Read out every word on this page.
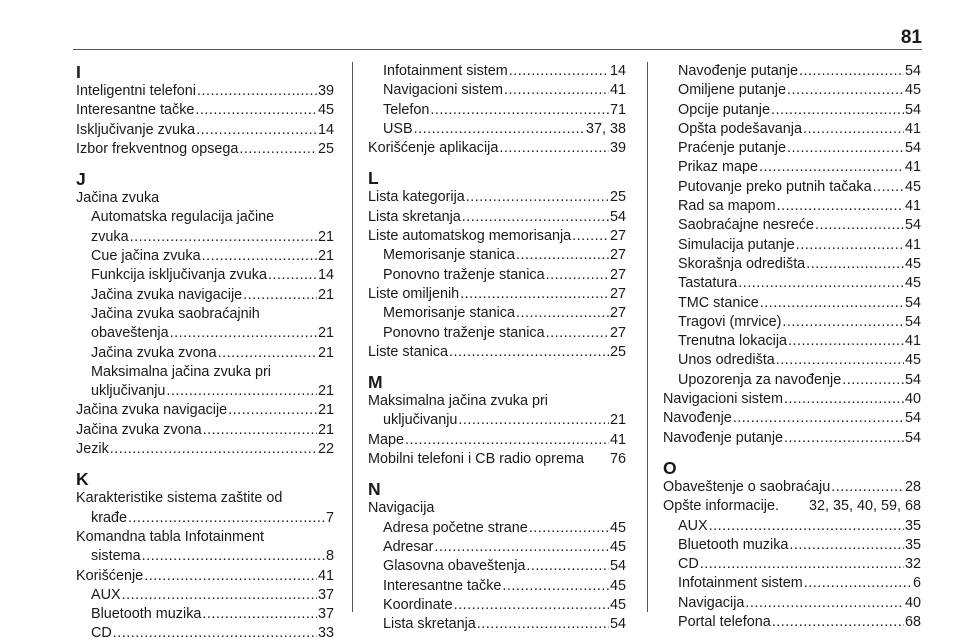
81
I
Inteligentni telefoni .....	39
Interesantne tačke .....	45
Isključivanje zvuka .....	14
Izbor frekventnog opsega .....	25
J
Jačina zvuka
Automatska regulacija jačine
zvuka .....	21
Cue jačina zvuka .....	21
Funkcija isključivanja zvuka .....	14
Jačina zvuka navigacije .....	21
Jačina zvuka saobraćajnih
obaveštenja .....	21
Jačina zvuka zvona .....	21
Maksimalna jačina zvuka pri
uključivanju .....	21
Jačina zvuka navigacije .....	21
Jačina zvuka zvona .....	21
Jezik .....	22
K
Karakteristike sistema zaštite od
krađe .....	7
Komandna tabla Infotainment
sistema .....	8
Korišćenje .....	41
AUX .....	37
Bluetooth muzika .....	37
CD .....	33
Infotainment sistem .....	14
Navigacioni sistem .....	41
Telefon .....	71
USB .....	37, 38
Korišćenje aplikacija .....	39
L
Lista kategorija .....	25
Lista skretanja .....	54
Liste automatskog memorisanja .....	27
Memorisanje stanica .....	27
Ponovno traženje stanica .....	27
Liste omiljenih .....	27
Memorisanje stanica .....	27
Ponovno traženje stanica .....	27
Liste stanica .....	25
M
Maksimalna jačina zvuka pri
uključivanju .....	21
Mape .....	41
Mobilni telefoni i CB radio oprema 76
N
Navigacija
Adresa početne strane .....	45
Adresar .....	45
Glasovna obaveštenja .....	54
Interesantne tačke .....	45
Koordinate .....	45
Lista skretanja .....	54
Navođenje putanje .....	54
Omiljene putanje .....	45
Opcije putanje .....	54
Opšta podešavanja .....	41
Praćenje putanje .....	54
Prikaz mape .....	41
Putovanje preko putnih tačaka ..... 45
Rad sa mapom .....	41
Saobraćajne nesreće .....	54
Simulacija putanje .....	41
Skorašnja odredišta .....	45
Tastatura .....	45
TMC stanice .....	54
Tragovi (mrvice) .....	54
Trenutna lokacija .....	41
Unos odredišta .....	45
Upozorenja za navođenje .....	54
Navigacioni sistem .....	40
Navođenje .....	54
Navođenje putanje .....	54
O
Obaveštenje o saobraćaju .....	28
Opšte informacije. 32, 35, 40, 59, 68
AUX .....	35
Bluetooth muzika .....	35
CD .....	32
Infotainment sistem .....	6
Navigacija .....	40
Portal telefona .....	68
